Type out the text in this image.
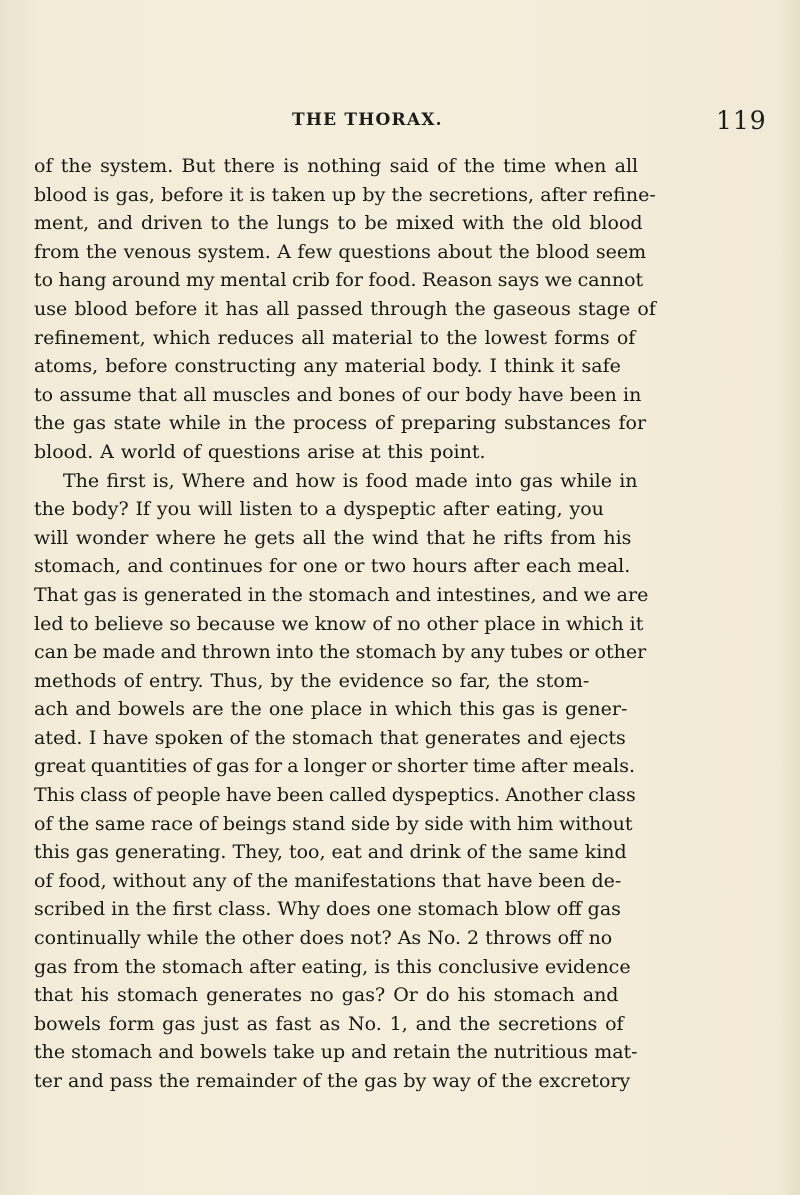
THE THORAX.	119
of the system. But there is nothing said of the time when all
blood is gas, before it is taken up by the secretions, after refine-
ment, and driven to the lungs to be mixed with the old blood
from the venous system. A few questions about the blood seem
to hang around my mental crib for food. Reason says we cannot
use blood before it has all passed through the gaseous stage of
refinement, which reduces all material to the lowest forms of
atoms, before constructing any material body. I think it safe
to assume that all muscles and bones of our body have been in
the gas state while in the process of preparing substances for
blood. A world of questions arise at this point.
The first is, Where and how is food made into gas while in
the body? If you will listen to a dyspeptic after eating, you
will wonder where he gets all the wind that he rifts from his
stomach, and continues for one or two hours after each meal.
That gas is generated in the stomach and intestines, and we are
led to believe so because we know of no other place in which it
can be made and thrown into the stomach by any tubes or other
methods of entry. Thus, by the evidence so far, the stom-
ach and bowels are the one place in which this gas is gener-
ated. I have spoken of the stomach that generates and ejects
great quantities of gas for a longer or shorter time after meals.
This class of people have been called dyspeptics. Another class
of the same race of beings stand side by side with him without
this gas generating. They, too, eat and drink of the same kind
of food, without any of the manifestations that have been de-
scribed in the first class. Why does one stomach blow off gas
continually while the other does not? As No. 2 throws off no
gas from the stomach after eating, is this conclusive evidence
that his stomach generates no gas? Or do his stomach and
bowels form gas just as fast as No. 1, and the secretions of
the stomach and bowels take up and retain the nutritious mat-
ter and pass the remainder of the gas by way of the excretory
